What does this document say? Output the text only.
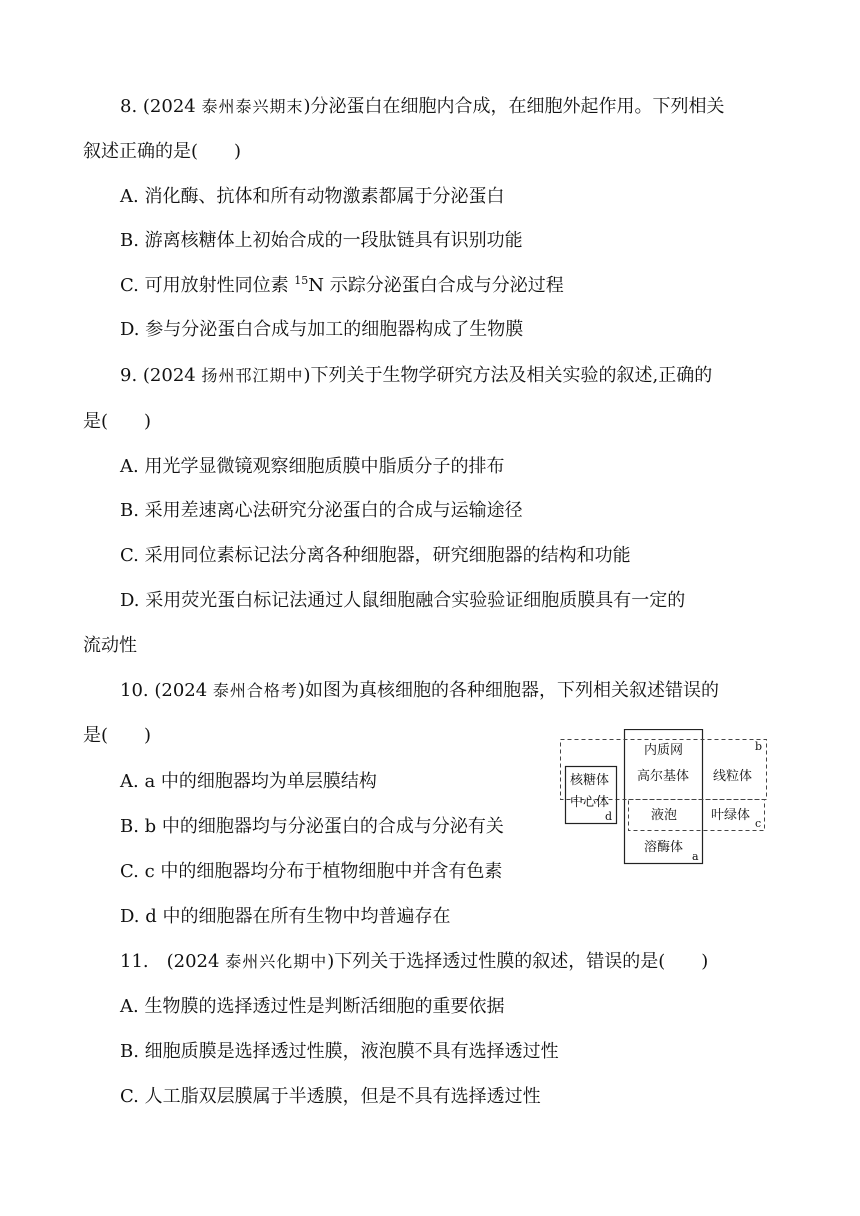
8. (2024 泰州泰兴期末)分泌蛋白在细胞内合成，在细胞外起作用。下列相关
叙述正确的是(　　)
A. 消化酶、抗体和所有动物激素都属于分泌蛋白
B. 游离核糖体上初始合成的一段肽链具有识别功能
C. 可用放射性同位素 $^{15}$N 示踪分泌蛋白合成与分泌过程
D. 参与分泌蛋白合成与加工的细胞器构成了生物膜
9. (2024 扬州邗江期中)下列关于生物学研究方法及相关实验的叙述,正确的
是(　　)
A. 用光学显微镜观察细胞质膜中脂质分子的排布
B. 采用差速离心法研究分泌蛋白的合成与运输途径
C. 采用同位素标记法分离各种细胞器，研究细胞器的结构和功能
D. 采用荧光蛋白标记法通过人鼠细胞融合实验验证细胞质膜具有一定的
流动性
10. (2024 泰州合格考)如图为真核细胞的各种细胞器，下列相关叙述错误的
是(　　)
A. a 中的细胞器均为单层膜结构
B. b 中的细胞器均与分泌蛋白的合成与分泌有关
C. c 中的细胞器均分布于植物细胞中并含有色素
D. d 中的细胞器在所有生物中均普遍存在
内质网
高尔基体 线粒体
核糖体
中心体
液泡	叶绿体
溶酶体
a
b
c
d
11.　(2024 泰州兴化期中)下列关于选择透过性膜的叙述，错误的是(　　)
A. 生物膜的选择透过性是判断活细胞的重要依据
B. 细胞质膜是选择透过性膜，液泡膜不具有选择透过性
C. 人工脂双层膜属于半透膜，但是不具有选择透过性
